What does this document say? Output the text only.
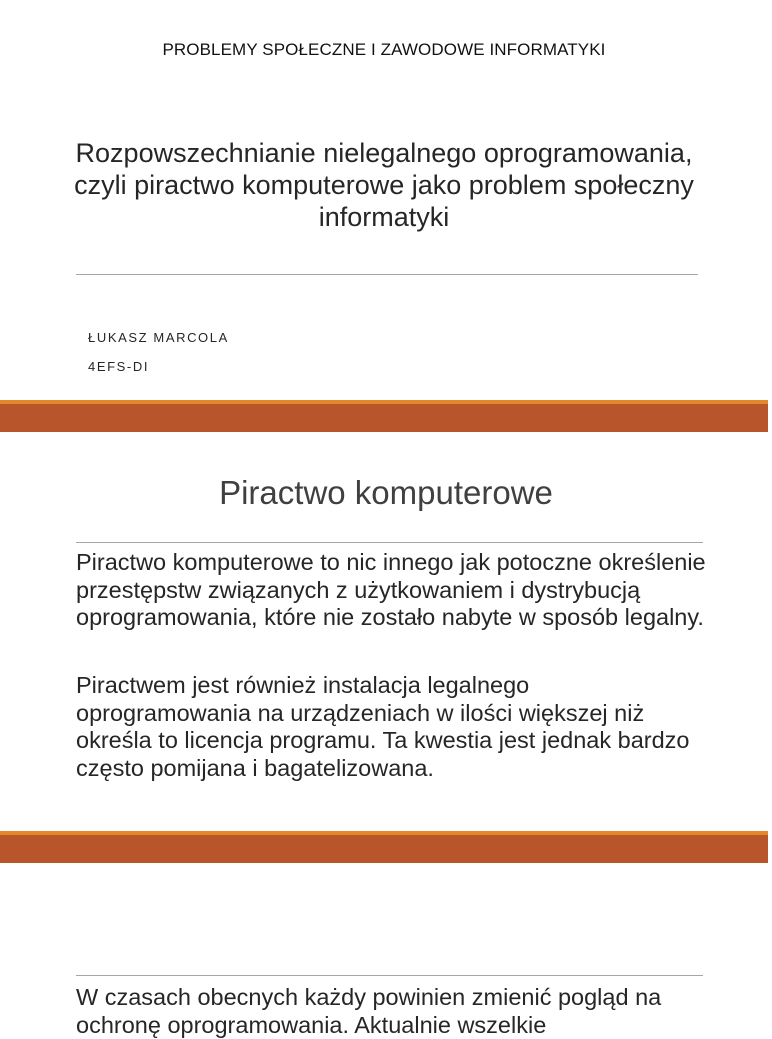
PROBLEMY SPOŁECZNE I ZAWODOWE INFORMATYKI
Rozpowszechnianie nielegalnego oprogramowania, czyli piractwo komputerowe jako problem społeczny informatyki
ŁUKASZ MARCOLA
4EFS-DI
Piractwo komputerowe
Piractwo komputerowe to nic innego jak potoczne określenie przestępstw związanych z użytkowaniem i dystrybucją oprogramowania, które nie zostało nabyte w sposób legalny.
Piractwem jest również instalacja legalnego oprogramowania na urządzeniach w ilości większej niż określa to licencja programu. Ta kwestia jest jednak bardzo często pomijana i bagatelizowana.
W czasach obecnych każdy powinien zmienić pogląd na ochronę oprogramowania. Aktualnie wszelkie
